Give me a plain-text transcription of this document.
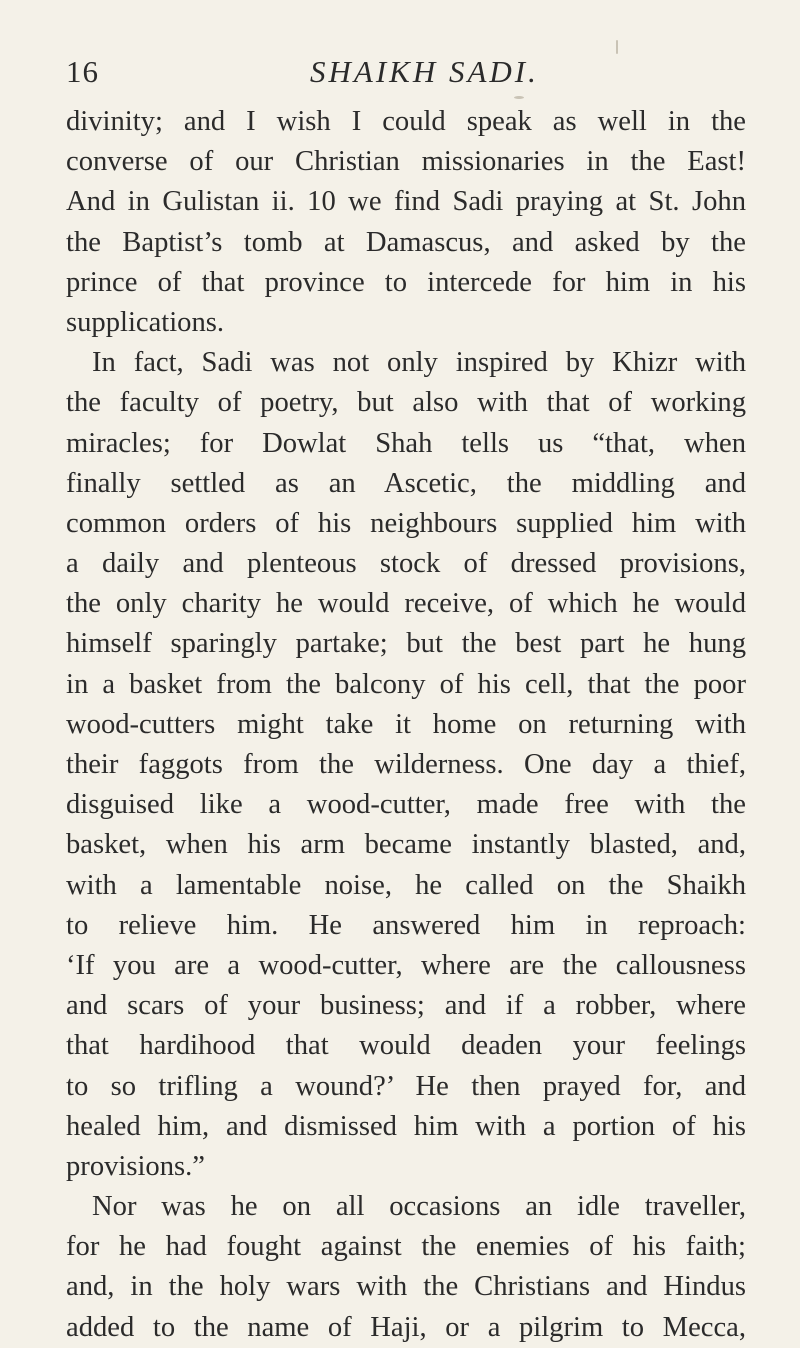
16	SHAIKH SADI.
divinity; and I wish I could speak as well in the
converse of our Christian missionaries in the East!
And in Gulistan ii. 10 we find Sadi praying at St. John
the Baptist’s tomb at Damascus, and asked by the
prince of that province to intercede for him in his
supplications.
In fact, Sadi was not only inspired by Khizr with
the faculty of poetry, but also with that of working
miracles; for Dowlat Shah tells us “that, when
finally settled as an Ascetic, the middling and
common orders of his neighbours supplied him with
a daily and plenteous stock of dressed provisions,
the only charity he would receive, of which he would
himself sparingly partake; but the best part he hung
in a basket from the balcony of his cell, that the poor
wood-cutters might take it home on returning with
their faggots from the wilderness. One day a thief,
disguised like a wood-cutter, made free with the
basket, when his arm became instantly blasted, and,
with a lamentable noise, he called on the Shaikh
to relieve him. He answered him in reproach:
‘If you are a wood-cutter, where are the callousness
and scars of your business; and if a robber, where
that hardihood that would deaden your feelings
to so trifling a wound?’ He then prayed for, and
healed him, and dismissed him with a portion of his
provisions.”
Nor was he on all occasions an idle traveller,
for he had fought against the enemies of his faith;
and, in the holy wars with the Christians and Hindus
added to the name of Haji, or a pilgrim to Mecca,
